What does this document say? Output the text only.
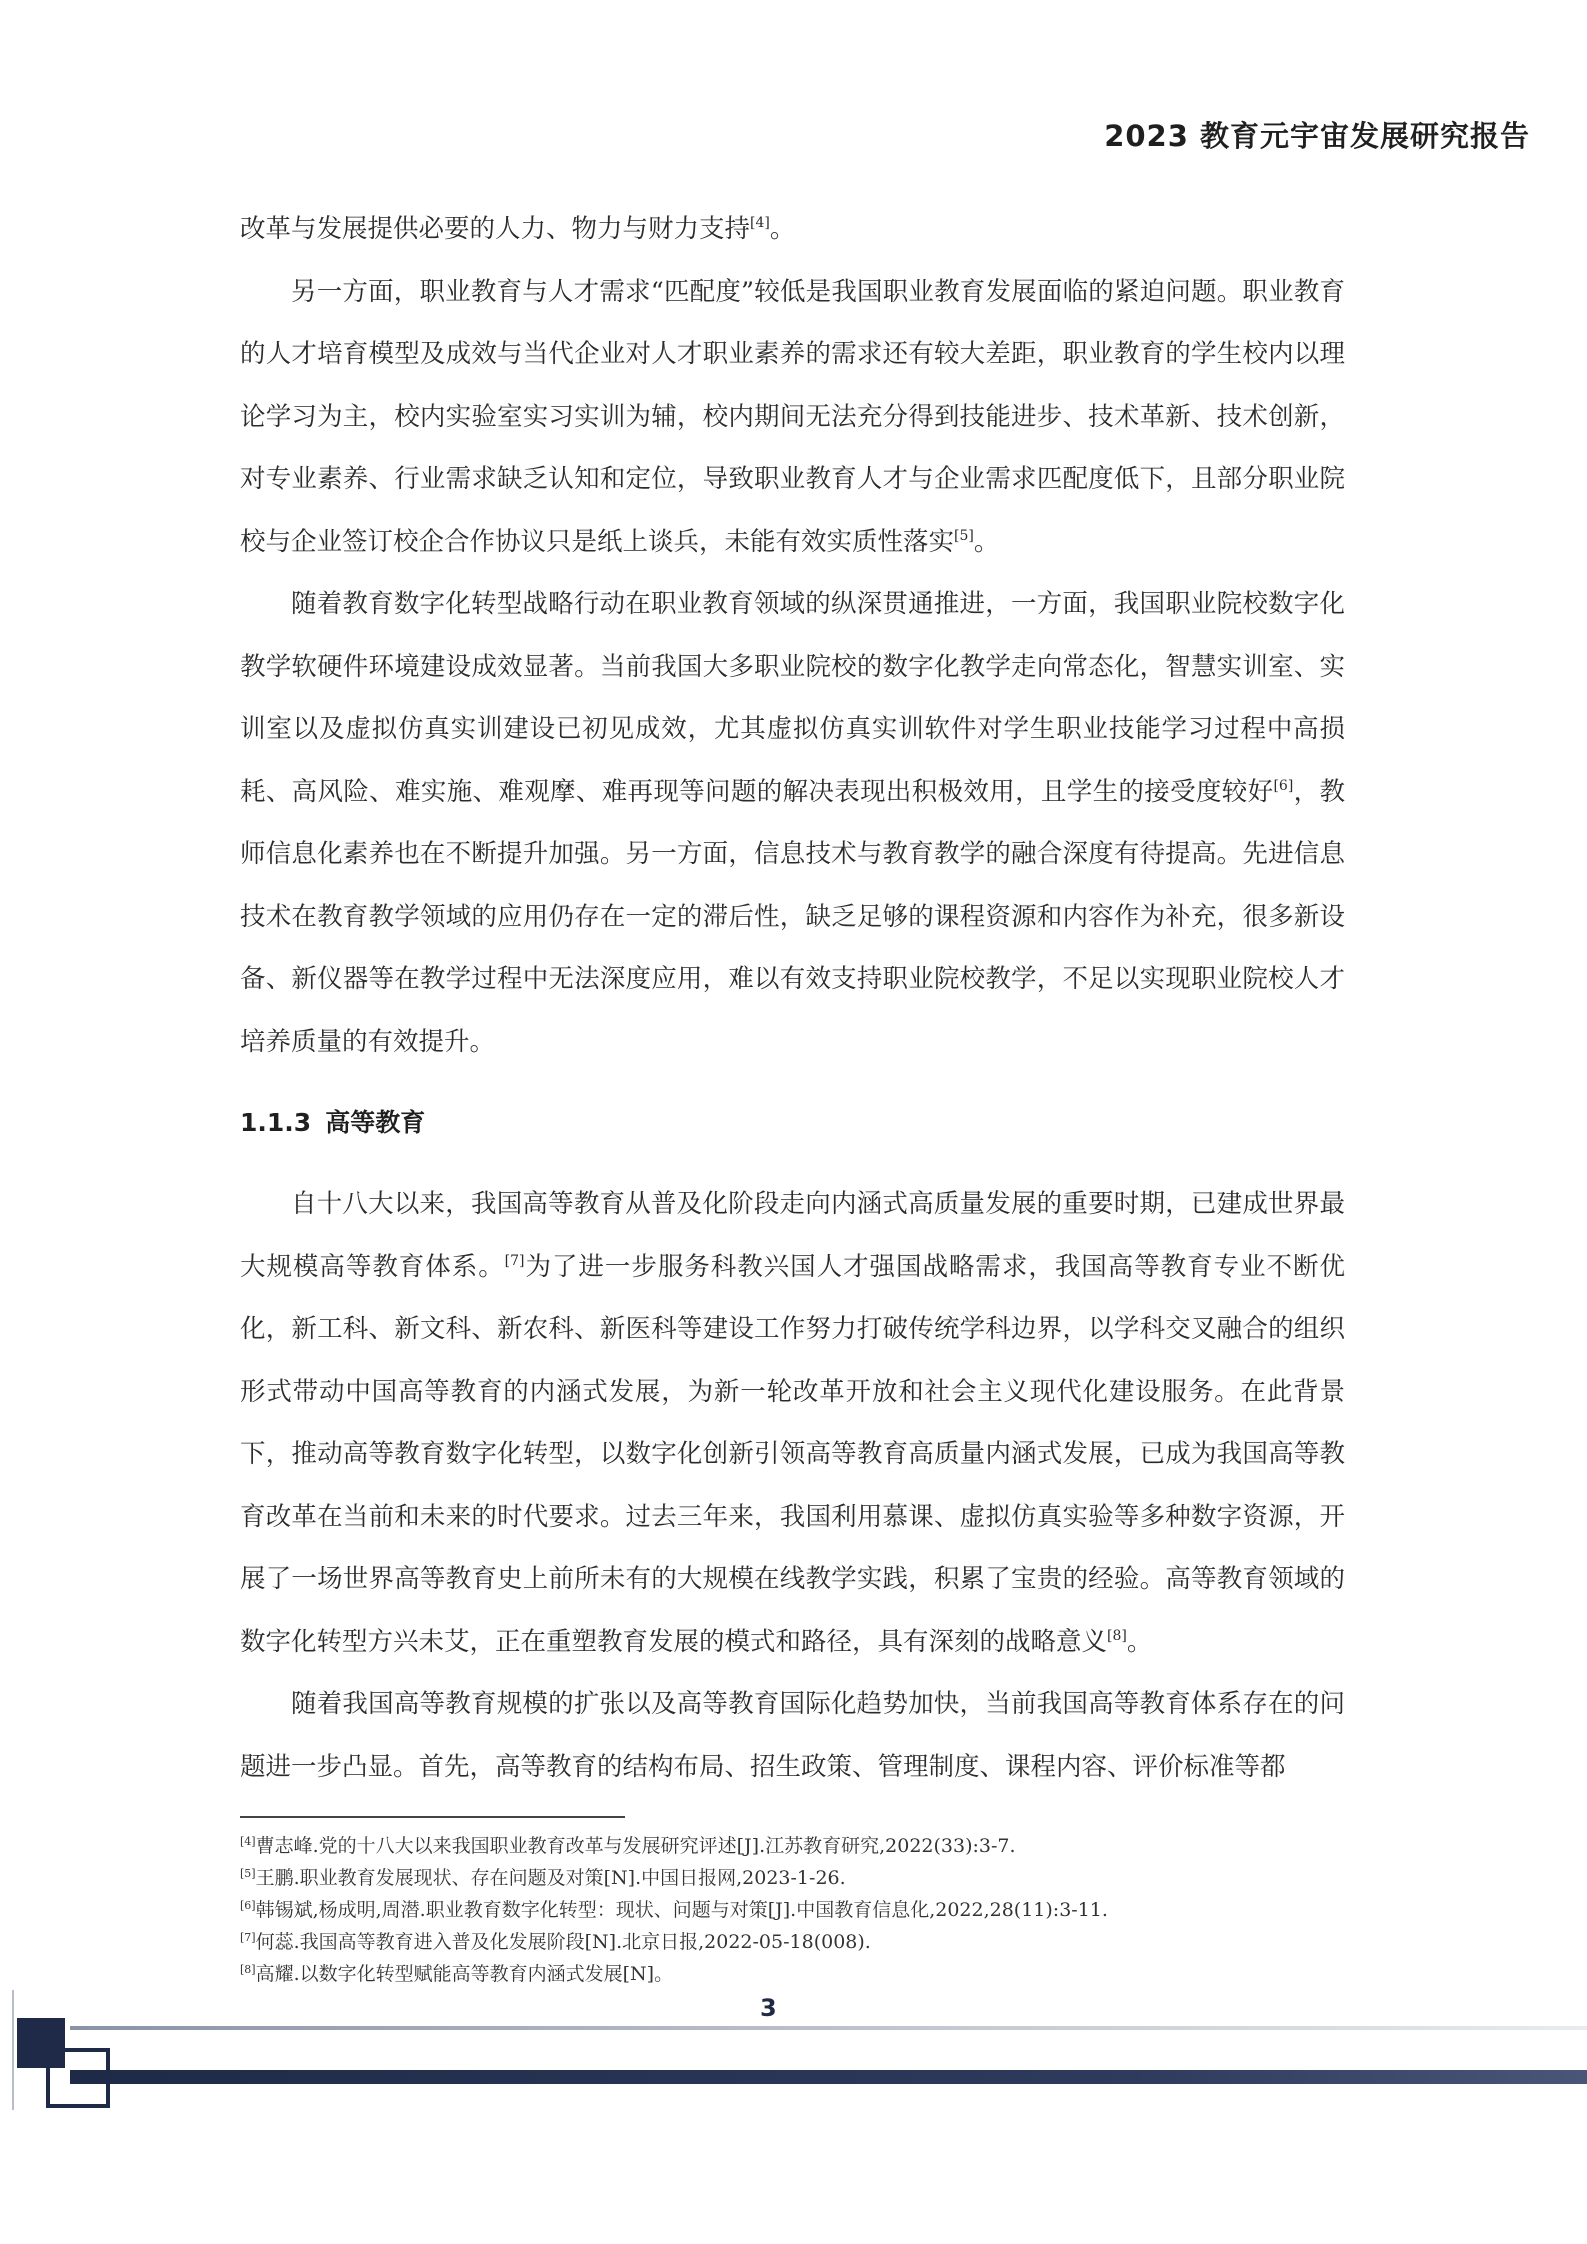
2023 教育元宇宙发展研究报告

改革与发展提供必要的人力、物力与财力支持[4]。

另一方面，职业教育与人才需求“匹配度”较低是我国职业教育发展面临的紧迫问题。职业教育的人才培育模型及成效与当代企业对人才职业素养的需求还有较大差距，职业教育的学生校内以理论学习为主，校内实验室实习实训为辅，校内期间无法充分得到技能进步、技术革新、技术创新，对专业素养、行业需求缺乏认知和定位，导致职业教育人才与企业需求匹配度低下，且部分职业院校与企业签订校企合作协议只是纸上谈兵，未能有效实质性落实[5]。

随着教育数字化转型战略行动在职业教育领域的纵深贯通推进，一方面，我国职业院校数字化教学软硬件环境建设成效显著。当前我国大多职业院校的数字化教学走向常态化，智慧实训室、实训室以及虚拟仿真实训建设已初见成效，尤其虚拟仿真实训软件对学生职业技能学习过程中高损耗、高风险、难实施、难观摩、难再现等问题的解决表现出积极效用，且学生的接受度较好[6]，教师信息化素养也在不断提升加强。另一方面，信息技术与教育教学的融合深度有待提高。先进信息技术在教育教学领域的应用仍存在一定的滞后性，缺乏足够的课程资源和内容作为补充，很多新设备、新仪器等在教学过程中无法深度应用，难以有效支持职业院校教学，不足以实现职业院校人才培养质量的有效提升。

1.1.3 高等教育

自十八大以来，我国高等教育从普及化阶段走向内涵式高质量发展的重要时期，已建成世界最大规模高等教育体系。[7]为了进一步服务科教兴国人才强国战略需求，我国高等教育专业不断优化，新工科、新文科、新农科、新医科等建设工作努力打破传统学科边界，以学科交叉融合的组织形式带动中国高等教育的内涵式发展，为新一轮改革开放和社会主义现代化建设服务。在此背景下，推动高等教育数字化转型，以数字化创新引领高等教育高质量内涵式发展，已成为我国高等教育改革在当前和未来的时代要求。过去三年来，我国利用慕课、虚拟仿真实验等多种数字资源，开展了一场世界高等教育史上前所未有的大规模在线教学实践，积累了宝贵的经验。高等教育领域的数字化转型方兴未艾，正在重塑教育发展的模式和路径，具有深刻的战略意义[8]。

随着我国高等教育规模的扩张以及高等教育国际化趋势加快，当前我国高等教育体系存在的问题进一步凸显。首先，高等教育的结构布局、招生政策、管理制度、课程内容、评价标准等都

[4]曹志峰.党的十八大以来我国职业教育改革与发展研究评述[J].江苏教育研究,2022(33):3-7.

[5]王鹏.职业教育发展现状、存在问题及对策[N].中国日报网,2023-1-26.

[6]韩锡斌,杨成明,周潜.职业教育数字化转型：现状、问题与对策[J].中国教育信息化,2022,28(11):3-11.

[7]何蕊.我国高等教育进入普及化发展阶段[N].北京日报,2022-05-18(008).

[8]高耀.以数字化转型赋能高等教育内涵式发展[N]。

3
